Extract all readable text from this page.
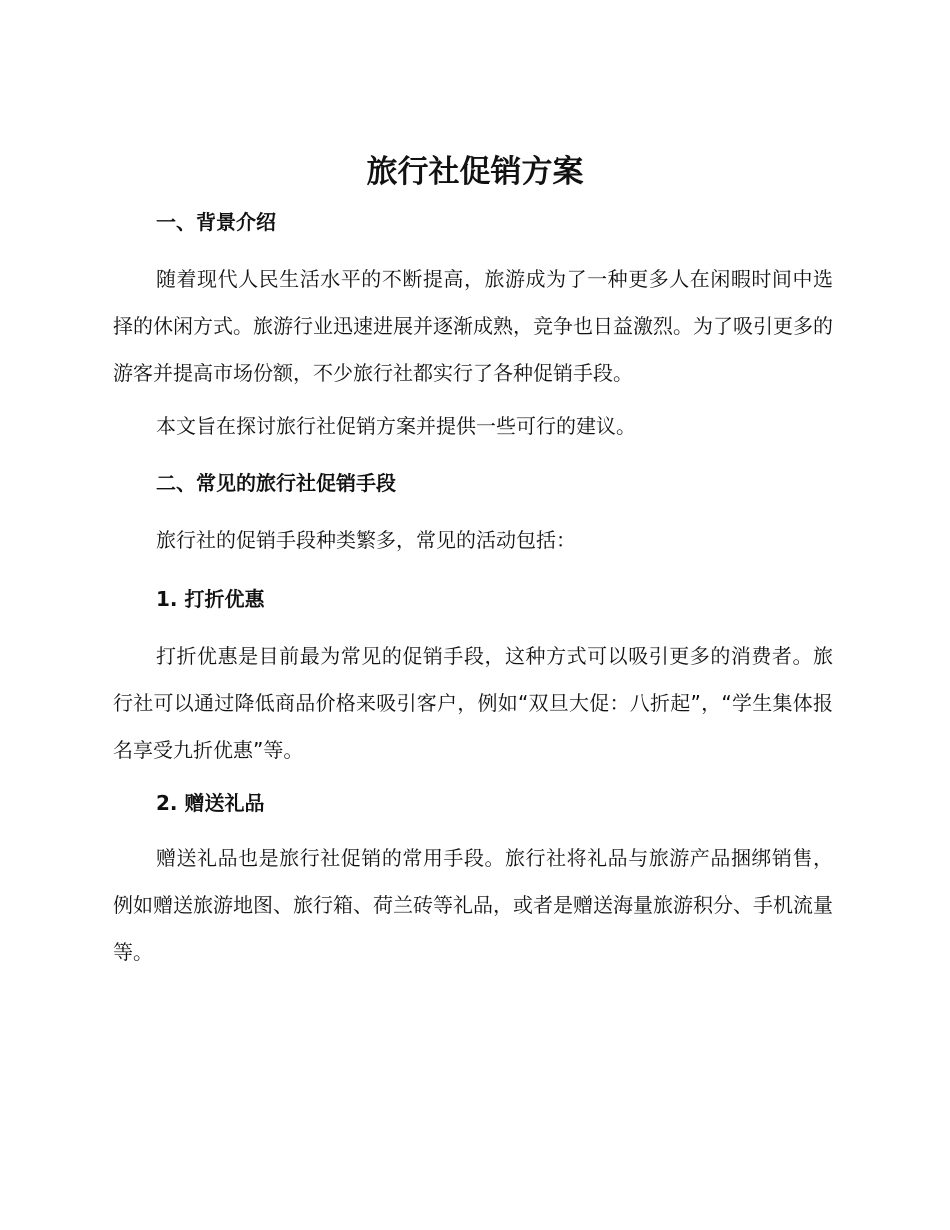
旅行社促销方案
一、背景介绍

随着现代人民生活水平的不断提高，旅游成为了一种更多人在闲暇时间中选择的休闲方式。旅游行业迅速进展并逐渐成熟，竞争也日益激烈。为了吸引更多的游客并提高市场份额，不少旅行社都实行了各种促销手段。

本文旨在探讨旅行社促销方案并提供一些可行的建议。

二、常见的旅行社促销手段

旅行社的促销手段种类繁多，常见的活动包括：

1. 打折优惠

打折优惠是目前最为常见的促销手段，这种方式可以吸引更多的消费者。旅行社可以通过降低商品价格来吸引客户，例如“双旦大促：八折起”，“学生集体报名享受九折优惠”等。

2. 赠送礼品

赠送礼品也是旅行社促销的常用手段。旅行社将礼品与旅游产品捆绑销售，例如赠送旅游地图、旅行箱、荷兰砖等礼品，或者是赠送海量旅游积分、手机流量等。
